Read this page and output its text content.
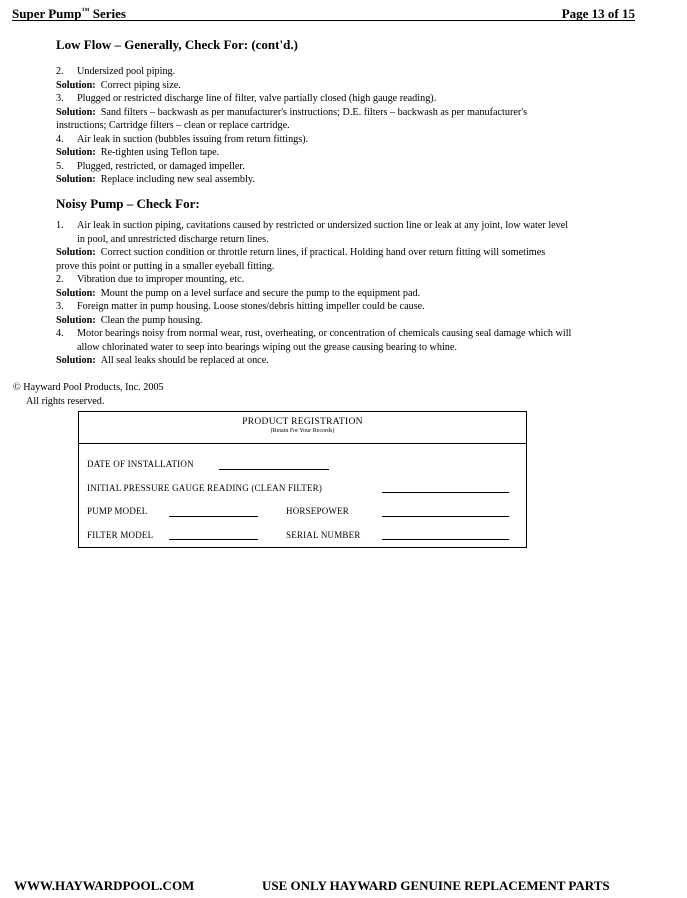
Super Pump™ Series	Page 13 of 15
Low Flow – Generally, Check For: (cont'd.)
2. Undersized pool piping.
Solution: Correct piping size.
3. Plugged or restricted discharge line of filter, valve partially closed (high gauge reading).
Solution: Sand filters – backwash as per manufacturer's instructions; D.E. filters – backwash as per manufacturer's
instructions; Cartridge filters – clean or replace cartridge.
4. Air leak in suction (bubbles issuing from return fittings).
Solution: Re-tighten using Teflon tape.
5. Plugged, restricted, or damaged impeller.
Solution: Replace including new seal assembly.
Noisy Pump – Check For:
1. Air leak in suction piping, cavitations caused by restricted or undersized suction line or leak at any joint, low water level
in pool, and unrestricted discharge return lines.
Solution: Correct suction condition or throttle return lines, if practical. Holding hand over return fitting will sometimes
prove this point or putting in a smaller eyeball fitting.
2. Vibration due to improper mounting, etc.
Solution: Mount the pump on a level surface and secure the pump to the equipment pad.
3. Foreign matter in pump housing. Loose stones/debris hitting impeller could be cause.
Solution: Clean the pump housing.
4. Motor bearings noisy from normal wear, rust, overheating, or concentration of chemicals causing seal damage which will
allow chlorinated water to seep into bearings wiping out the grease causing bearing to whine.
Solution: All seal leaks should be replaced at once.
© Hayward Pool Products, Inc. 2005
All rights reserved.
PRODUCT REGISTRATION
(Retain For Your Records)
DATE OF INSTALLATION
INITIAL PRESSURE GAUGE READING (CLEAN FILTER)
PUMP MODEL	HORSEPOWER
FILTER MODEL	SERIAL NUMBER
WWW.HAYWARDPOOL.COM	USE ONLY HAYWARD GENUINE REPLACEMENT PARTS
